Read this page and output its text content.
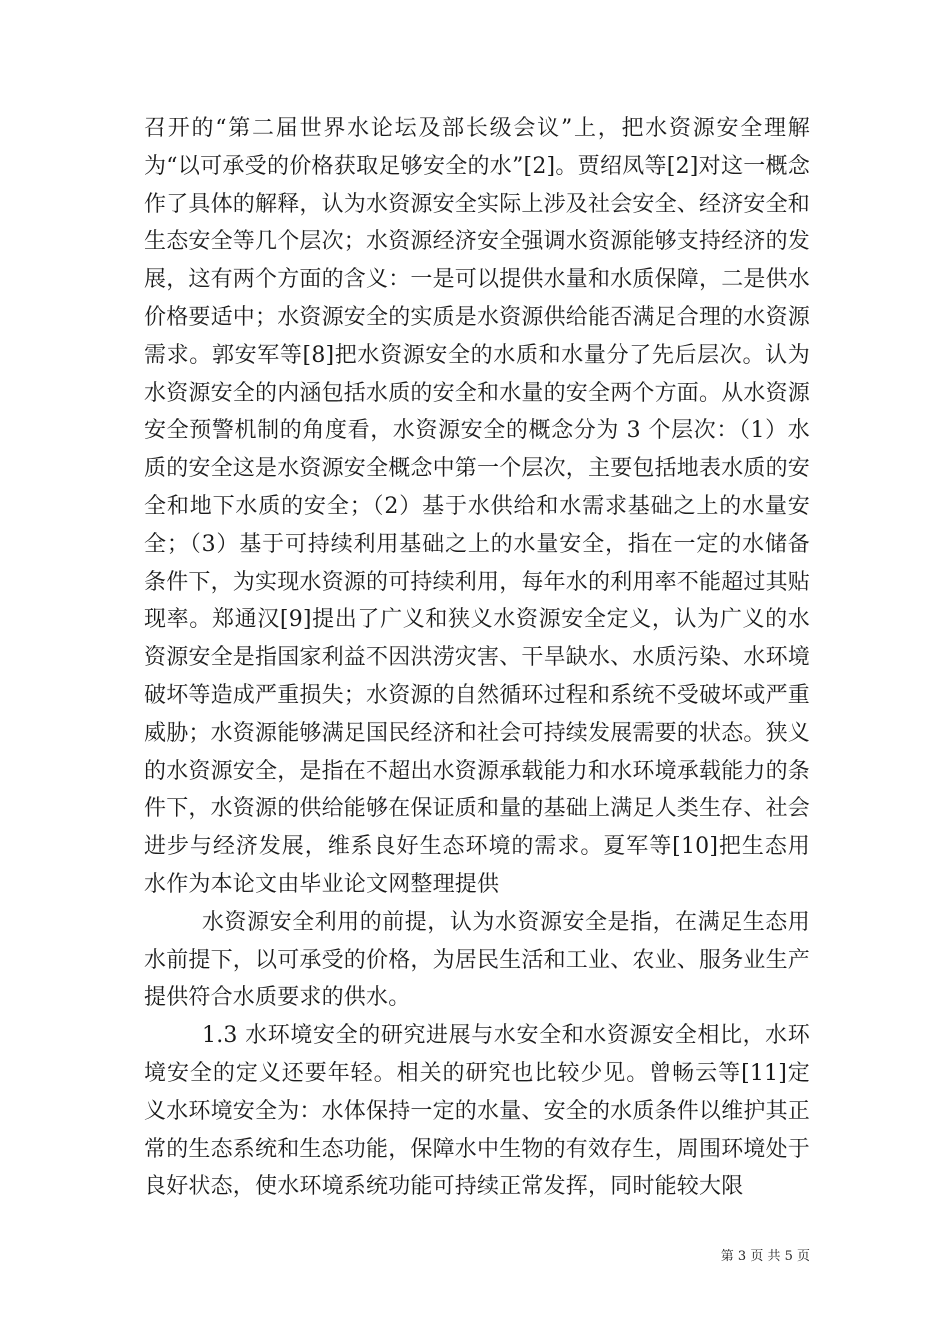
召开的“第二届世界水论坛及部长级会议”上，把水资源安全理解为“以可承受的价格获取足够安全的水”[2]。贾绍凤等[2]对这一概念作了具体的解释，认为水资源安全实际上涉及社会安全、经济安全和生态安全等几个层次；水资源经济安全强调水资源能够支持经济的发展，这有两个方面的含义：一是可以提供水量和水质保障，二是供水价格要适中；水资源安全的实质是水资源供给能否满足合理的水资源需求。郭安军等[8]把水资源安全的水质和水量分了先后层次。认为水资源安全的内涵包括水质的安全和水量的安全两个方面。从水资源安全预警机制的角度看，水资源安全的概念分为 3 个层次：（1）水质的安全这是水资源安全概念中第一个层次，主要包括地表水质的安全和地下水质的安全；（2）基于水供给和水需求基础之上的水量安全；（3）基于可持续利用基础之上的水量安全，指在一定的水储备条件下，为实现水资源的可持续利用，每年水的利用率不能超过其贴现率。郑通汉[9]提出了广义和狭义水资源安全定义，认为广义的水资源安全是指国家利益不因洪涝灾害、干旱缺水、水质污染、水环境破坏等造成严重损失；水资源的自然循环过程和系统不受破坏或严重威胁；水资源能够满足国民经济和社会可持续发展需要的状态。狭义的水资源安全，是指在不超出水资源承载能力和水环境承载能力的条件下，水资源的供给能够在保证质和量的基础上满足人类生存、社会进步与经济发展，维系良好生态环境的需求。夏军等[10]把生态用水作为本论文由毕业论文网整理提供

水资源安全利用的前提，认为水资源安全是指，在满足生态用水前提下，以可承受的价格，为居民生活和工业、农业、服务业生产提供符合水质要求的供水。

1.3 水环境安全的研究进展与水安全和水资源安全相比，水环境安全的定义还要年轻。相关的研究也比较少见。曾畅云等[11]定义水环境安全为：水体保持一定的水量、安全的水质条件以维护其正常的生态系统和生态功能，保障水中生物的有效存生，周围环境处于良好状态，使水环境系统功能可持续正常发挥，同时能较大限

第 3 页 共 5 页
